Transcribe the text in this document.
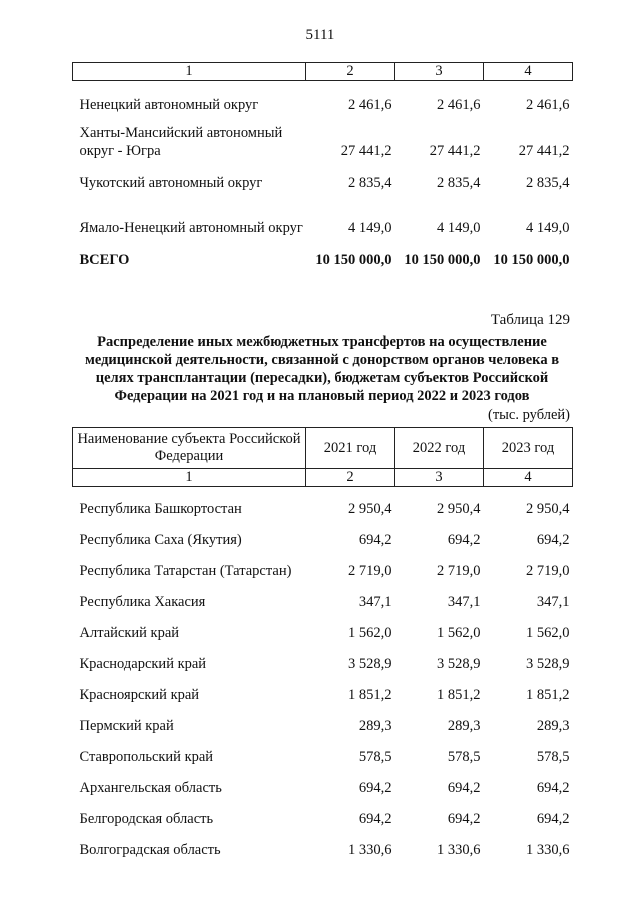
5111
1	2	3	4
Ненецкий автономный округ	2 461,6	2 461,6	2 461,6
Ханты-Мансийский автономный округ - Югра	27 441,2	27 441,2	27 441,2
Чукотский автономный округ	2 835,4	2 835,4	2 835,4
Ямало-Ненецкий автономный округ	4 149,0	4 149,0	4 149,0
ВСЕГО	10 150 000,0	10 150 000,0	10 150 000,0
Таблица 129
Распределение иных межбюджетных трансфертов на осуществление медицинской деятельности, связанной с донорством органов человека в целях трансплантации (пересадки), бюджетам субъектов Российской Федерации на 2021 год и на плановый период 2022 и 2023 годов
(тыс. рублей)
Наименование субъекта Российской Федерации	2021 год	2022 год	2023 год
1	2	3	4
Республика Башкортостан	2 950,4	2 950,4	2 950,4
Республика Саха (Якутия)	694,2	694,2	694,2
Республика Татарстан (Татарстан)	2 719,0	2 719,0	2 719,0
Республика Хакасия	347,1	347,1	347,1
Алтайский край	1 562,0	1 562,0	1 562,0
Краснодарский край	3 528,9	3 528,9	3 528,9
Красноярский край	1 851,2	1 851,2	1 851,2
Пермский край	289,3	289,3	289,3
Ставропольский край	578,5	578,5	578,5
Архангельская область	694,2	694,2	694,2
Белгородская область	694,2	694,2	694,2
Волгоградская область	1 330,6	1 330,6	1 330,6
